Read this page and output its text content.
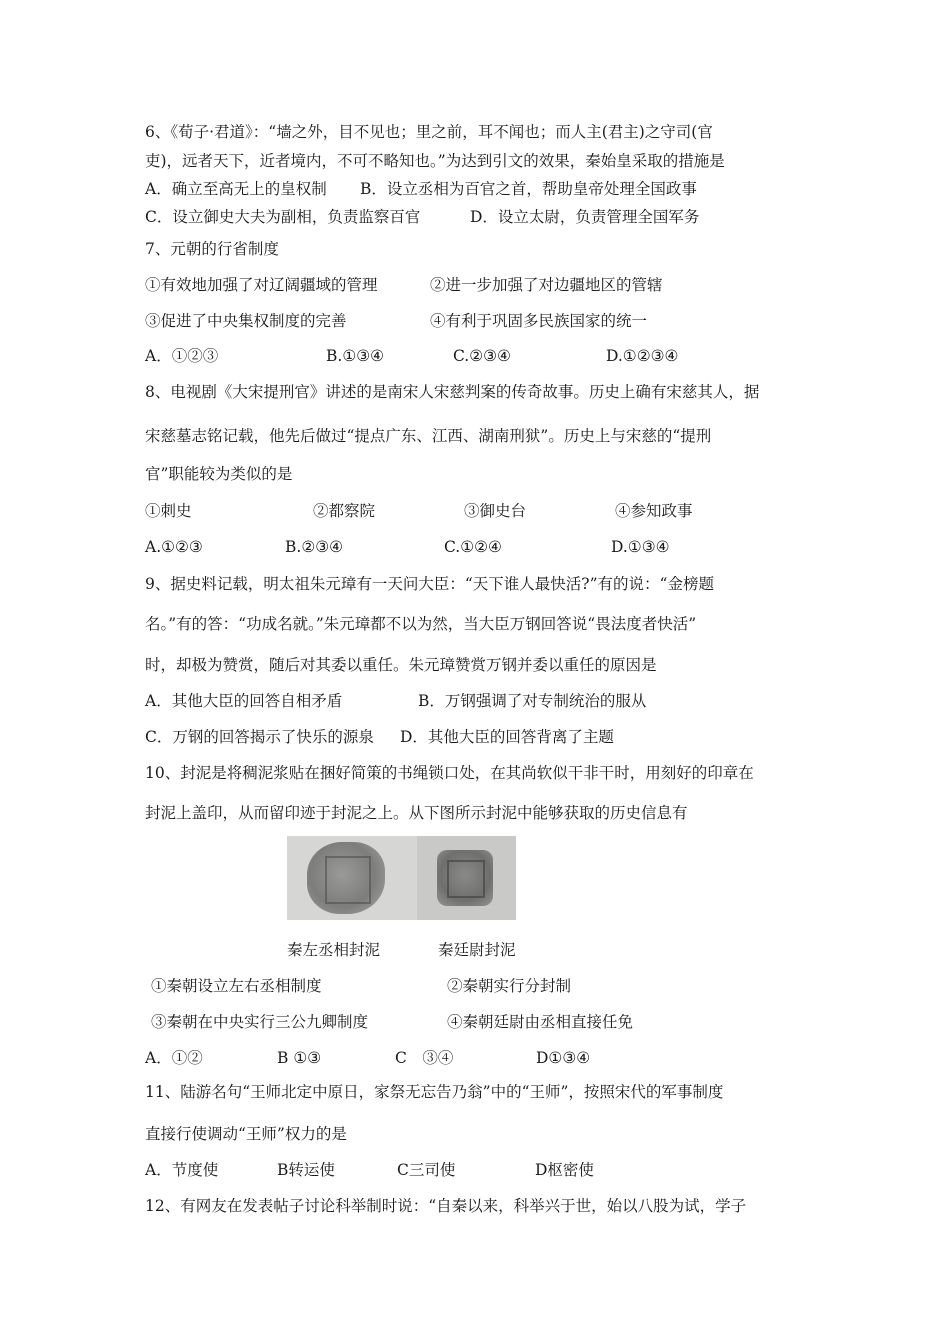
6、《荀子·君道》：“墙之外，目不见也；里之前，耳不闻也；而人主(君主)之守司(官
吏)，远者天下，近者境内，不可不略知也。”为达到引文的效果，秦始皇采取的措施是
A．确立至高无上的皇权制 B．设立丞相为百官之首，帮助皇帝处理全国政事
C．设立御史大夫为副相，负责监察百官	D．设立太尉，负责管理全国军务
7、元朝的行省制度
①有效地加强了对辽阔疆域的管理	②进一步加强了对边疆地区的管辖
③促进了中央集权制度的完善	④有利于巩固多民族国家的统一
A．①②③	B.①③④	C.②③④	D.①②③④
8、电视剧《大宋提刑官》讲述的是南宋人宋慈判案的传奇故事。历史上确有宋慈其人，据
宋慈墓志铭记载，他先后做过“提点广东、江西、湖南刑狱”。历史上与宋慈的“提刑
官”职能较为类似的是
①刺史	②都察院	③御史台	④参知政事
A.①②③	B.②③④	C.①②④	D.①③④
9、据史料记载，明太祖朱元璋有一天问大臣：“天下谁人最快活?”有的说：“金榜题
名。”有的答：“功成名就。”朱元璋都不以为然，当大臣万钢回答说“畏法度者快活”
时，却极为赞赏，随后对其委以重任。朱元璋赞赏万钢并委以重任的原因是
A．其他大臣的回答自相矛盾	B．万钢强调了对专制统治的服从
C．万钢的回答揭示了快乐的源泉 D．其他大臣的回答背离了主题
10、封泥是将稠泥浆贴在捆好简策的书绳锁口处，在其尚软似干非干时，用刻好的印章在
封泥上盖印，从而留印迹于封泥之上。从下图所示封泥中能够获取的历史信息有
秦左丞相封泥	秦廷尉封泥
①秦朝设立左右丞相制度	②秦朝实行分封制
③秦朝在中央实行三公九卿制度	④秦朝廷尉由丞相直接任免
A．①②	B ①③	C　③④	D①③④
11、陆游名句“王师北定中原日，家祭无忘告乃翁”中的“王师”，按照宋代的军事制度
直接行使调动“王师”权力的是
A．节度使	B转运使	C三司使	D枢密使
12、有网友在发表帖子讨论科举制时说：“自秦以来，科举兴于世，始以八股为试，学子
